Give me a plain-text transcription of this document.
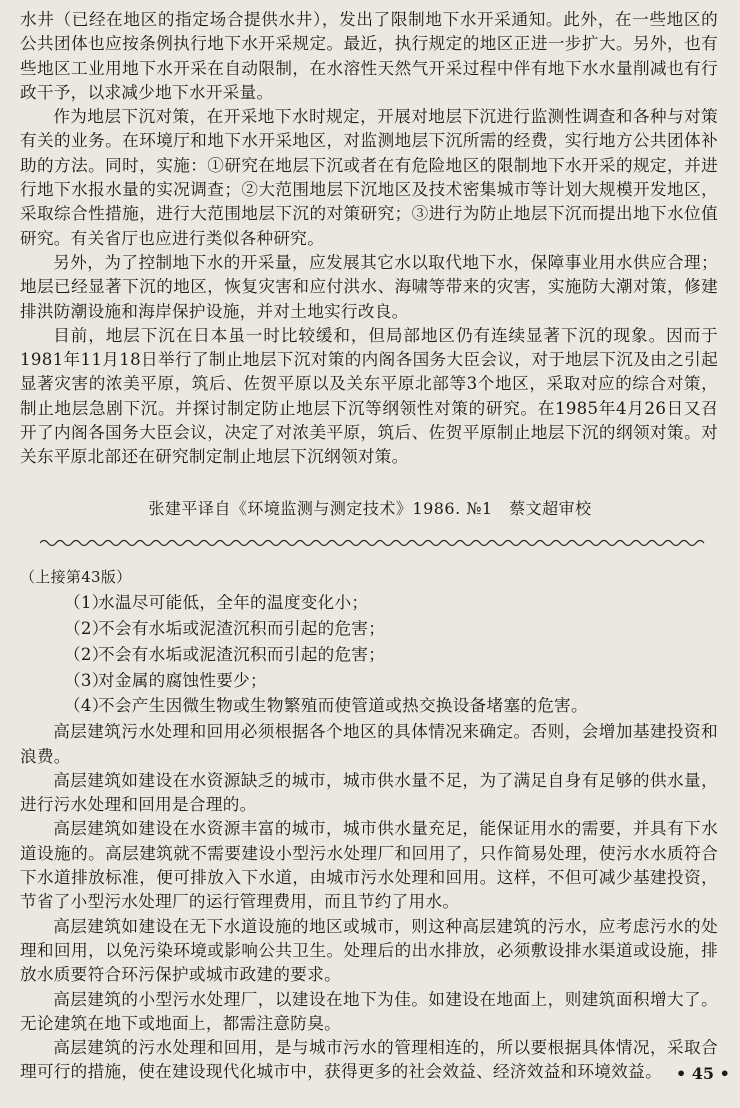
水井（已经在地区的指定场合提供水井），发出了限制地下水开采通知。此外，在一些地区的公共团体也应按条例执行地下水开采规定。最近，执行规定的地区正进一步扩大。另外，也有些地区工业用地下水开采在自动限制，在水溶性天然气开采过程中伴有地下水水量削减也有行政干予，以求减少地下水开采量。

作为地层下沉对策，在开采地下水时规定，开展对地层下沉进行监测性调查和各种与对策有关的业务。在环境厅和地下水开采地区，对监测地层下沉所需的经费，实行地方公共团体补助的方法。同时，实施：①研究在地层下沉或者在有危险地区的限制地下水开采的规定，并进行地下水报水量的实况调查；②大范围地层下沉地区及技术密集城市等计划大规模开发地区，采取综合性措施，进行大范围地层下沉的对策研究；③进行为防止地层下沉而提出地下水位值研究。有关省厅也应进行类似各种研究。

另外，为了控制地下水的开采量，应发展其它水以取代地下水，保障事业用水供应合理；地层已经显著下沉的地区，恢复灾害和应付洪水、海啸等带来的灾害，实施防大潮对策，修建排洪防潮设施和海岸保护设施，并对土地实行改良。

目前，地层下沉在日本虽一时比较缓和，但局部地区仍有连续显著下沉的现象。因而于1981年11月18日举行了制止地层下沉对策的内阁各国务大臣会议，对于地层下沉及由之引起显著灾害的浓美平原，筑后、佐贺平原以及关东平原北部等3个地区，采取对应的综合对策，制止地层急剧下沉。并探讨制定防止地层下沉等纲领性对策的研究。在1985年4月26日又召开了内阁各国务大臣会议，决定了对浓美平原，筑后、佐贺平原制止地层下沉的纲领对策。对关东平原北部还在研究制定制止地层下沉纲领对策。

张建平译自《环境监测与测定技术》1986. №1　蔡文超审校

（上接第43版）

（1）水温尽可能低，全年的温度变化小；
（2）不会有水垢或泥渣沉积而引起的危害；
（2）不会有水垢或泥渣沉积而引起的危害；
（3）对金属的腐蚀性要少；
（4）不会产生因微生物或生物繁殖而使管道或热交换设备堵塞的危害。

高层建筑污水处理和回用必须根据各个地区的具体情况来确定。否则，会增加基建投资和浪费。

高层建筑如建设在水资源缺乏的城市，城市供水量不足，为了满足自身有足够的供水量，进行污水处理和回用是合理的。

高层建筑如建设在水资源丰富的城市，城市供水量充足，能保证用水的需要，并具有下水道设施的。高层建筑就不需要建设小型污水处理厂和回用了，只作简易处理，使污水水质符合下水道排放标准，便可排放入下水道，由城市污水处理和回用。这样，不但可减少基建投资，节省了小型污水处理厂的运行管理费用，而且节约了用水。

高层建筑如建设在无下水道设施的地区或城市，则这种高层建筑的污水，应考虑污水的处理和回用，以免污染环境或影响公共卫生。处理后的出水排放，必须敷设排水渠道或设施，排放水质要符合环污保护或城市政建的要求。

高层建筑的小型污水处理厂，以建设在地下为佳。如建设在地面上，则建筑面积增大了。无论建筑在地下或地面上，都需注意防臭。

高层建筑的污水处理和回用，是与城市污水的管理相连的，所以要根据具体情况，采取合理可行的措施，使在建设现代化城市中，获得更多的社会效益、经济效益和环境效益。 • 45 •
